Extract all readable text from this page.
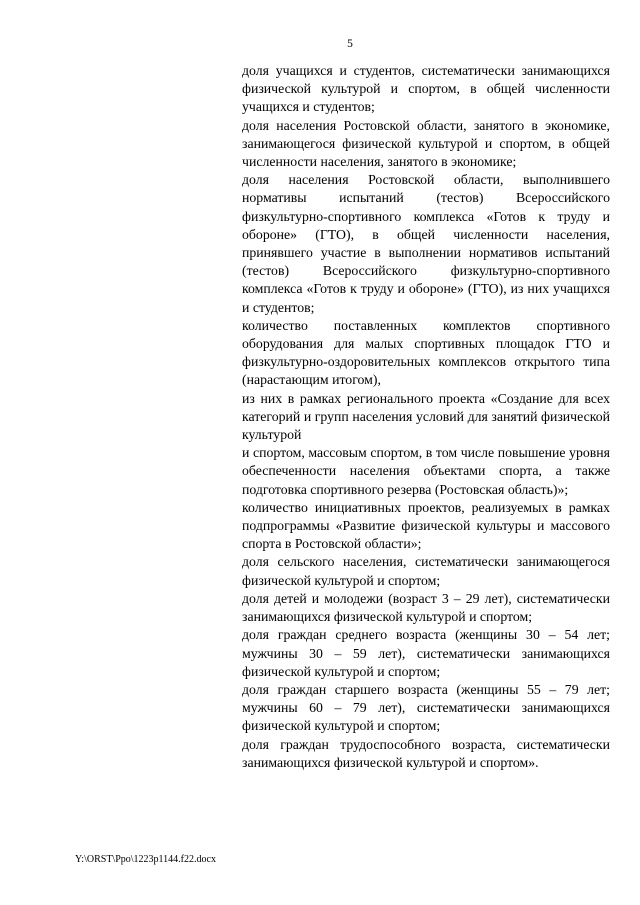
5

доля учащихся и студентов, систематически занимающихся физической культурой и спортом, в общей численности учащихся и студентов;

доля населения Ростовской области, занятого в экономике, занимающегося физической культурой и спортом, в общей численности населения, занятого в экономике;

доля населения Ростовской области, выполнившего нормативы испытаний (тестов) Всероссийского физкультурно-спортивного комплекса «Готов к труду и обороне» (ГТО), в общей численности населения, принявшего участие в выполнении нормативов испытаний (тестов) Всероссийского физкультурно-спортивного комплекса «Готов к труду и обороне» (ГТО), из них учащихся и студентов;

количество поставленных комплектов спортивного оборудования для малых спортивных площадок ГТО и физкультурно-оздоровительных комплексов открытого типа (нарастающим итогом),

из них в рамках регионального проекта «Создание для всех категорий и групп населения условий для занятий физической культурой

и спортом, массовым спортом, в том числе повышение уровня обеспеченности населения объектами спорта, а также подготовка спортивного резерва (Ростовская область)»;

количество инициативных проектов, реализуемых в рамках подпрограммы «Развитие физической культуры и массового спорта в Ростовской области»;

доля сельского населения, систематически занимающегося физической культурой и спортом;

доля детей и молодежи (возраст 3 – 29 лет), систематически занимающихся физической культурой и спортом;

доля граждан среднего возраста (женщины 30 – 54 лет; мужчины 30 – 59 лет), систематически занимающихся физической культурой и спортом;

доля граждан старшего возраста (женщины 55 – 79 лет; мужчины 60 – 79 лет), систематически занимающихся физической культурой и спортом;

доля граждан трудоспособного возраста, систематически занимающихся физической культурой и спортом».

Y:\ORST\Ppo\1223p1144.f22.docx
